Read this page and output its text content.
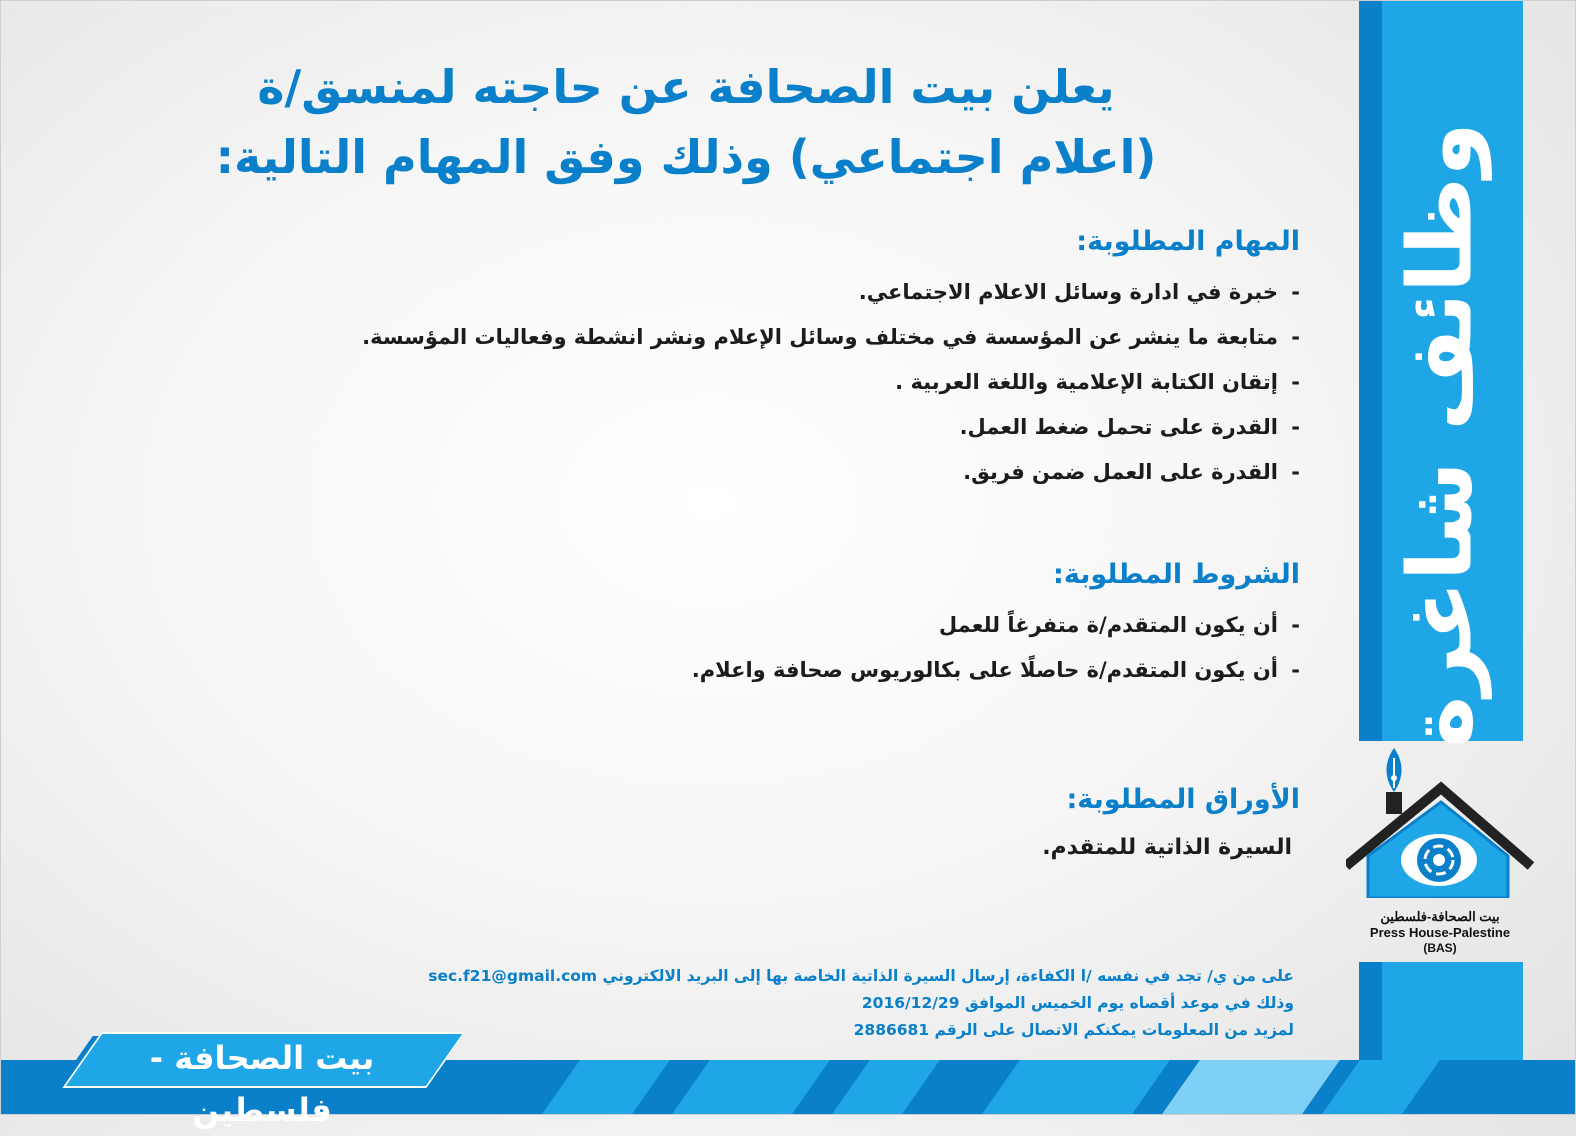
وظائف شاغرة
بيت الصحافة-فلسطين
Press House-Palestine
(BAS)
يعلن بيت الصحافة عن حاجته لمنسق/ة
(اعلام اجتماعي) وذلك وفق المهام التالية:
المهام المطلوبة:
- خبرة في ادارة وسائل الاعلام الاجتماعي.
- متابعة ما ينشر عن المؤسسة في مختلف وسائل الإعلام ونشر انشطة وفعاليات المؤسسة.
- إتقان الكتابة الإعلامية واللغة العربية .
- القدرة على تحمل ضغط العمل.
- القدرة على العمل ضمن فريق.
الشروط المطلوبة:
- أن يكون المتقدم/ة متفرغاً للعمل
- أن يكون المتقدم/ة حاصلًا على بكالوريوس صحافة واعلام.
الأوراق المطلوبة:
السيرة الذاتية للمتقدم.
على من ي/ تجد في نفسه /ا الكفاءة، إرسال السيرة الذاتية الخاصة بها إلى البريد الالكتروني sec.f21@gmail.com
وذلك في موعد أقصاه يوم الخميس الموافق 2016/12/29
لمزيد من المعلومات يمكنكم الاتصال على الرقم 2886681
بيت الصحافة - فلسطين
